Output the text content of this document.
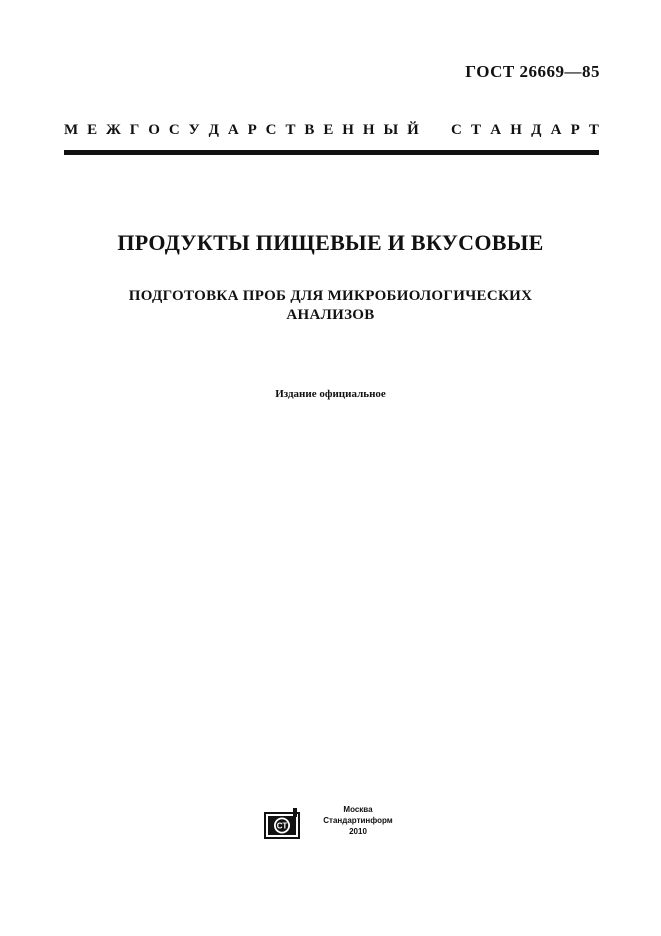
ГОСТ 26669—85
М Е Ж Г О С У Д А Р С Т В Е Н Н Ы Й С Т А Н Д А Р Т
ПРОДУКТЫ ПИЩЕВЫЕ И ВКУСОВЫЕ
ПОДГОТОВКА ПРОБ ДЛЯ МИКРОБИОЛОГИЧЕСКИХ
АНАЛИЗОВ
Издание официальное
СТ
Москва
Стандартинформ
2010
